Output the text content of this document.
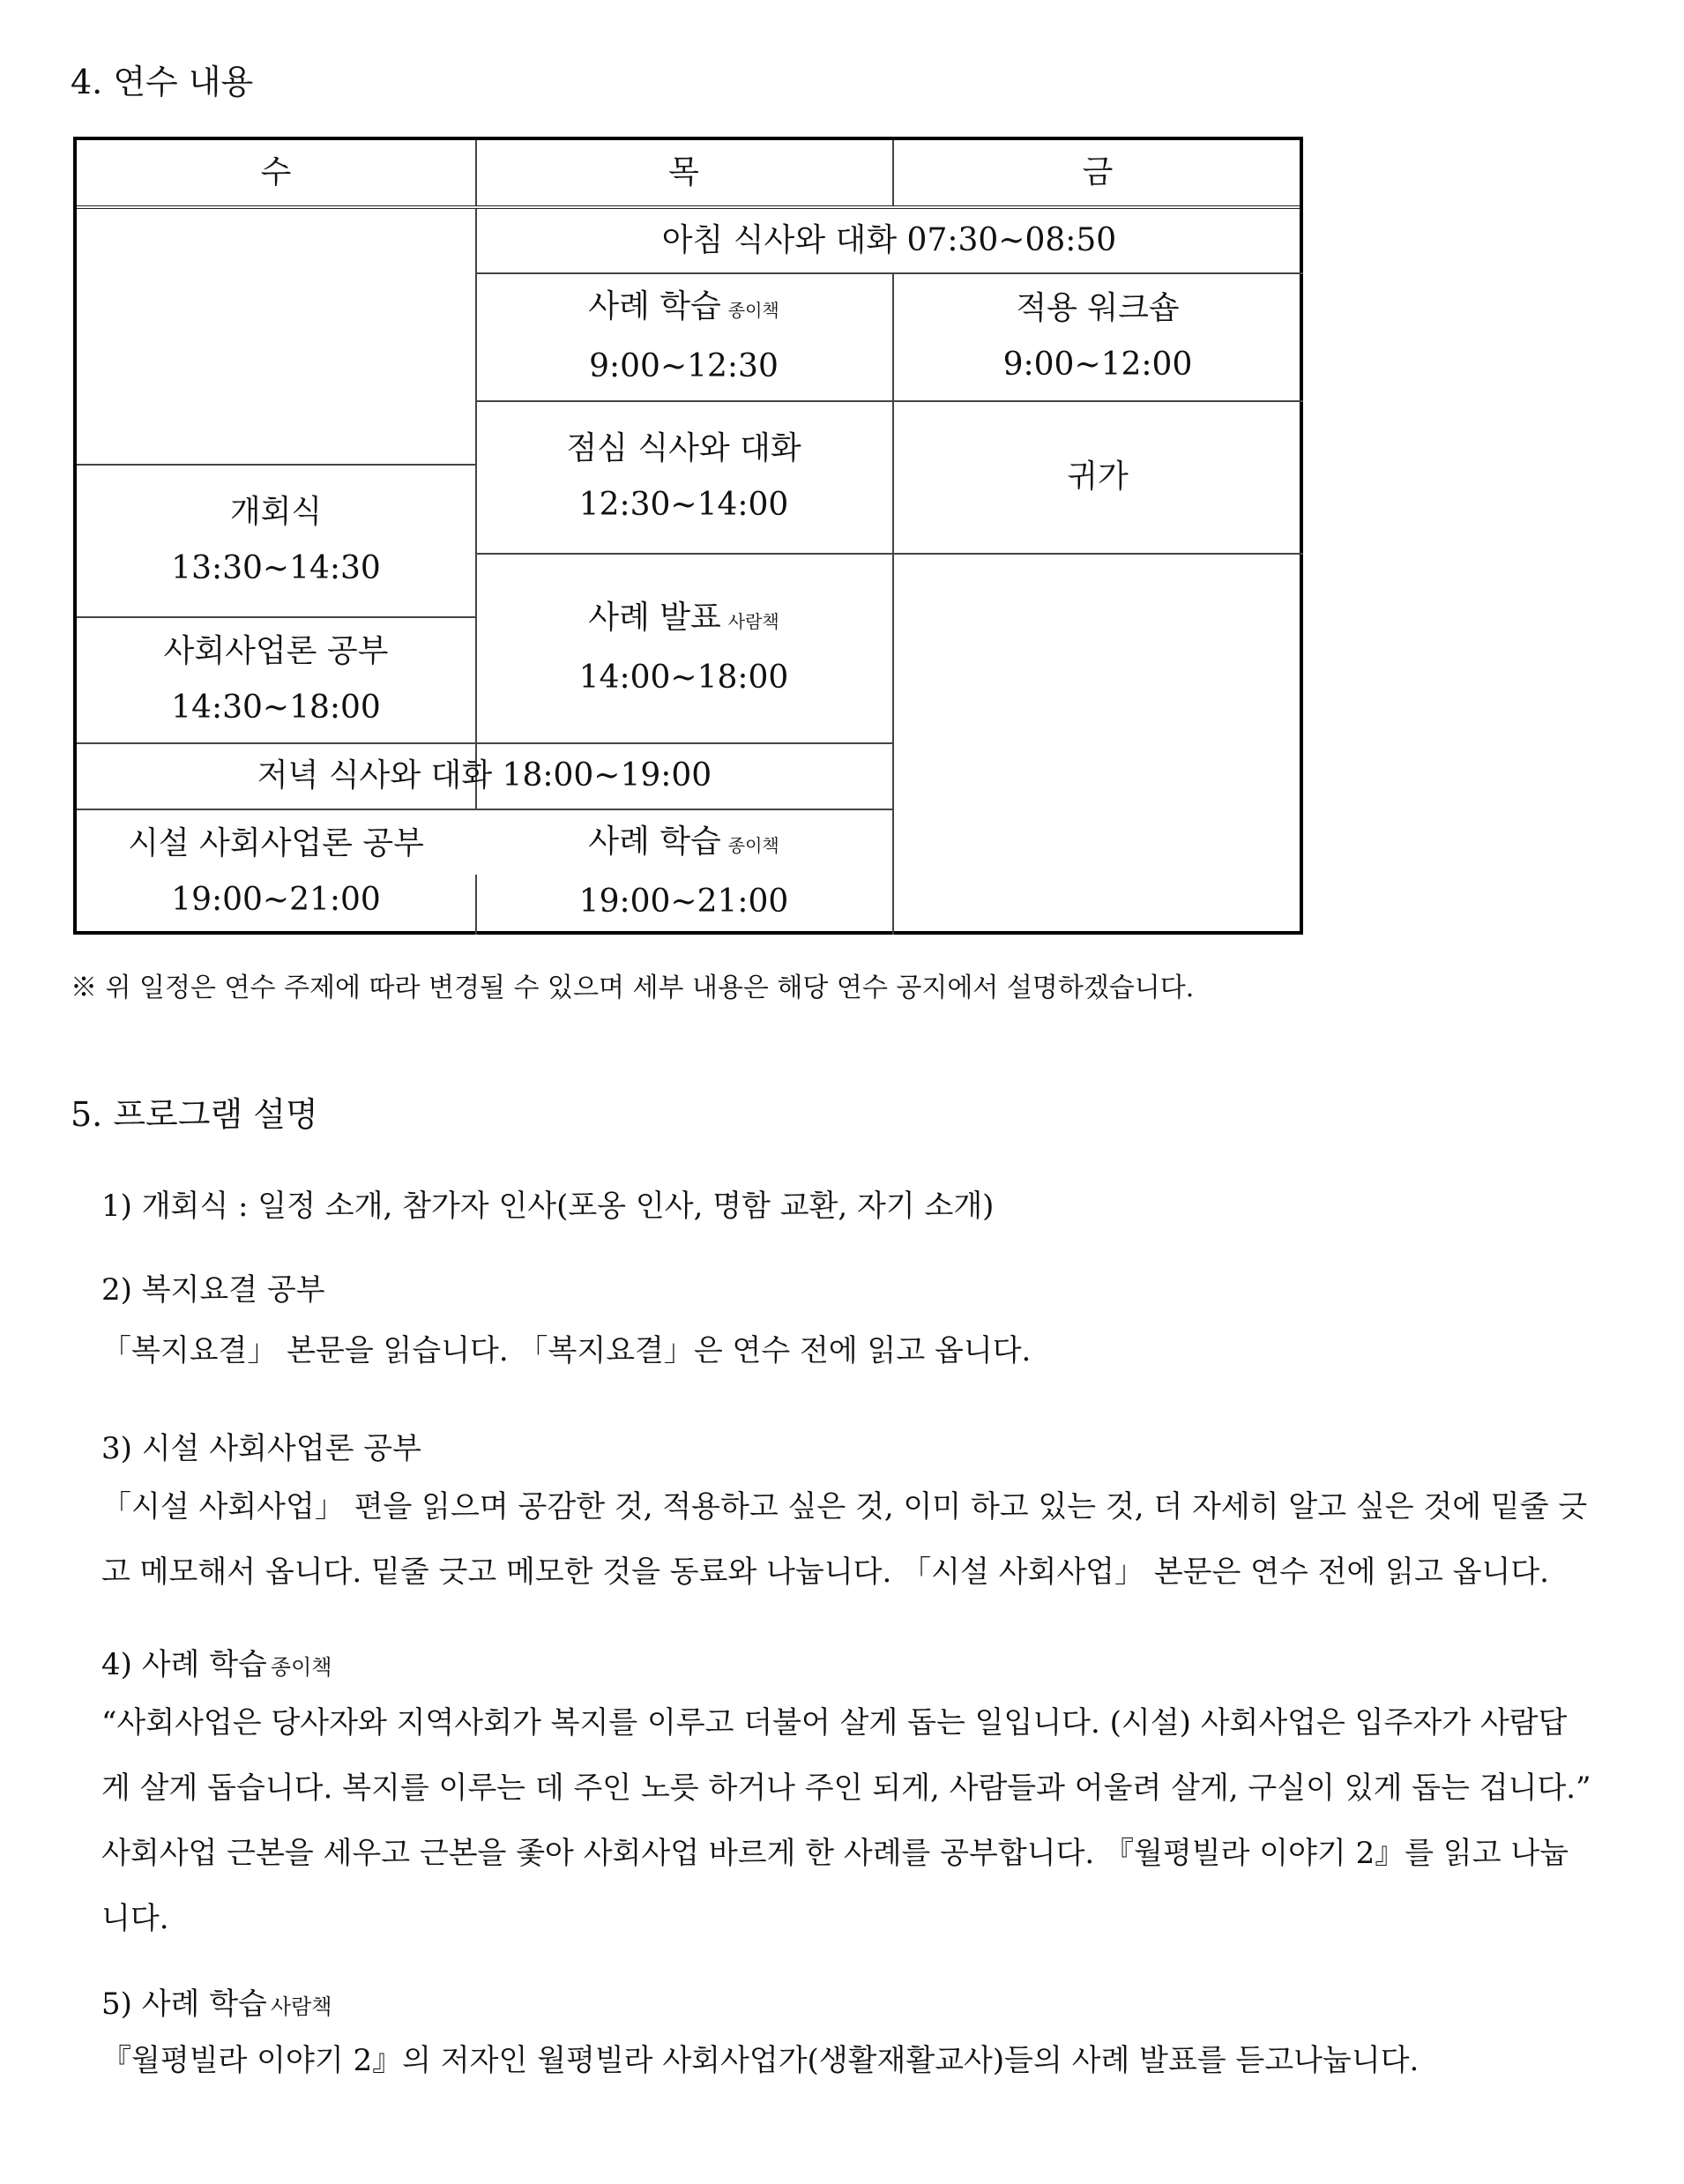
4. 연수 내용
수	목	금
아침 식사와 대화 07:30~08:50
사례 학습 종이책
9:00~12:30
적용 워크숍
9:00~12:00
점심 식사와 대화
12:30~14:00
귀가
개회식
13:30~14:30
사례 발표 사람책
14:00~18:00
사회사업론 공부
14:30~18:00
저녁 식사와 대화 18:00~19:00
시설 사회사업론 공부
19:00~21:00
사례 학습 종이책
19:00~21:00

※ 위 일정은 연수 주제에 따라 변경될 수 있으며 세부 내용은 해당 연수 공지에서 설명하겠습니다.

5. 프로그램 설명

1) 개회식 : 일정 소개, 참가자 인사(포옹 인사, 명함 교환, 자기 소개)

2) 복지요결 공부

「복지요결」 본문을 읽습니다. 「복지요결」은 연수 전에 읽고 옵니다.

3) 시설 사회사업론 공부

「시설 사회사업」 편을 읽으며 공감한 것, 적용하고 싶은 것, 이미 하고 있는 것, 더 자세히 알고 싶은 것에 밑줄 긋고 메모해서 옵니다. 밑줄 긋고 메모한 것을 동료와 나눕니다. 「시설 사회사업」 본문은 연수 전에 읽고 옵니다.

4) 사례 학습 종이책

“사회사업은 당사자와 지역사회가 복지를 이루고 더불어 살게 돕는 일입니다. (시설) 사회사업은 입주자가 사람답게 살게 돕습니다. 복지를 이루는 데 주인 노릇 하거나 주인 되게, 사람들과 어울려 살게, 구실이 있게 돕는 겁니다.” 사회사업 근본을 세우고 근본을 좇아 사회사업 바르게 한 사례를 공부합니다. 『월평빌라 이야기 2』를 읽고 나눕니다.

5) 사례 학습 사람책

『월평빌라 이야기 2』의 저자인 월평빌라 사회사업가(생활재활교사)들의 사례 발표를 듣고나눕니다.
